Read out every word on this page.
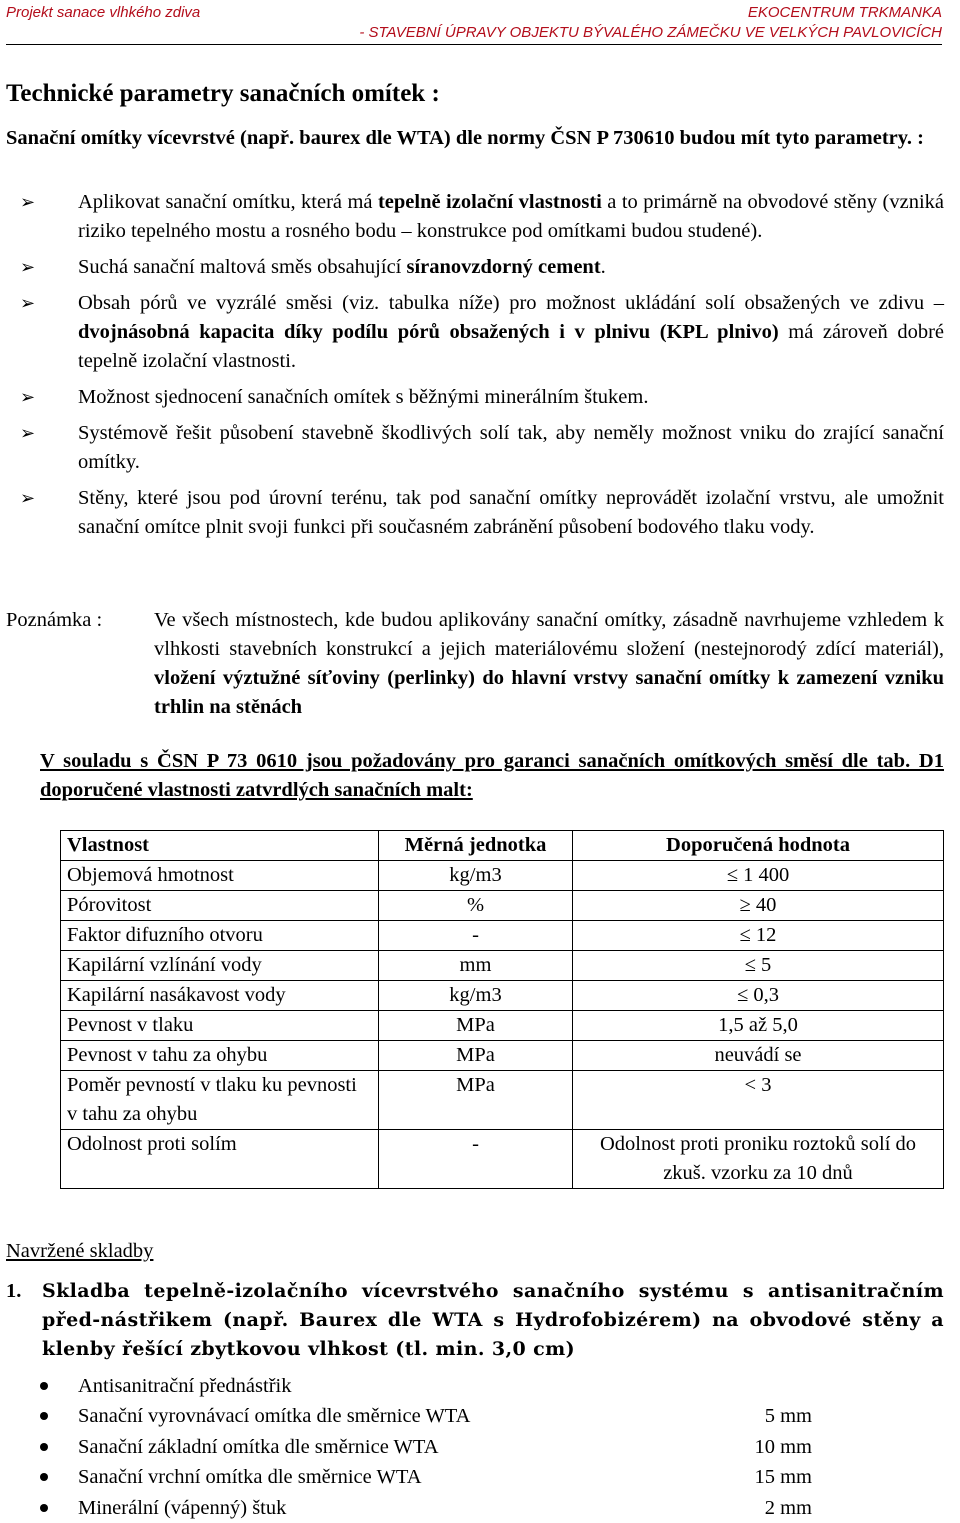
Projekt sanace vlhkého zdiva	EKOCENTRUM TRKMANKA
- STAVEBNÍ ÚPRAVY OBJEKTU BÝVALÉHO ZÁMEČKU VE VELKÝCH PAVLOVICÍCH
Technické parametry sanačních omítek :
Sanační omítky vícevrstvé (např. baurex dle WTA) dle normy ČSN P 730610 budou mít tyto parametry. :
➢ Aplikovat sanační omítku, která má tepelně izolační vlastnosti a to primárně na obvodové stěny (vzniká riziko tepelného mostu a rosného bodu – konstrukce pod omítkami budou studené).
➢ Suchá sanační maltová směs obsahující síranovzdorný cement.
➢ Obsah pórů ve vyzrálé směsi (viz. tabulka níže) pro možnost ukládání solí obsažených ve zdivu – dvojnásobná kapacita díky podílu pórů obsažených i v plnivu (KPL plnivo) má zároveň dobré tepelně izolační vlastnosti.
➢ Možnost sjednocení sanačních omítek s běžnými minerálním štukem.
➢ Systémově řešit působení stavebně škodlivých solí tak, aby neměly možnost vniku do zrající sanační omítky.
➢ Stěny, které jsou pod úrovní terénu, tak pod sanační omítky neprovádět izolační vrstvu, ale umožnit sanační omítce plnit svoji funkci při současném zabránění působení bodového tlaku vody.
Poznámka :	Ve všech místnostech, kde budou aplikovány sanační omítky, zásadně navrhujeme vzhledem k vlhkosti stavebních konstrukcí a jejich materiálovému složení (nestejnorodý zdící materiál), vložení výztužné síťoviny (perlinky) do hlavní vrstvy sanační omítky k zamezení vzniku trhlin na stěnách
V souladu s ČSN P 73 0610 jsou požadovány pro garanci sanačních omítkových směsí dle tab. D1 doporučené vlastnosti zatvrdlých sanačních malt:
Vlastnost	Měrná jednotka	Doporučená hodnota
Objemová hmotnost	kg/m3	≤ 1 400
Pórovitost	%	≥ 40
Faktor difuzního otvoru	-	≤ 12
Kapilární vzlínání vody	mm	≤ 5
Kapilární nasákavost vody	kg/m3	≤ 0,3
Pevnost v tlaku	MPa	1,5 až 5,0
Pevnost v tahu za ohybu	MPa	neuvádí se
Poměr pevností v tlaku ku pevnosti v tahu za ohybu	MPa	< 3
Odolnost proti solím	-	Odolnost proti proniku roztoků solí do zkuš. vzorku za 10 dnů
Navržené skladby
1. Skladba tepelně-izolačního vícevrstvého sanačního systému s antisanitračním před-nástřikem (např. Baurex dle WTA s Hydrofobizérem) na obvodové stěny a klenby řešící zbytkovou vlhkost (tl. min. 3,0 cm)
Antisanitrační přednástřik
Sanační vyrovnávací omítka dle směrnice WTA	5 mm
Sanační základní omítka dle směrnice WTA	10 mm
Sanační vrchní omítka dle směrnice WTA	15 mm
Minerální (vápenný) štuk	2 mm
